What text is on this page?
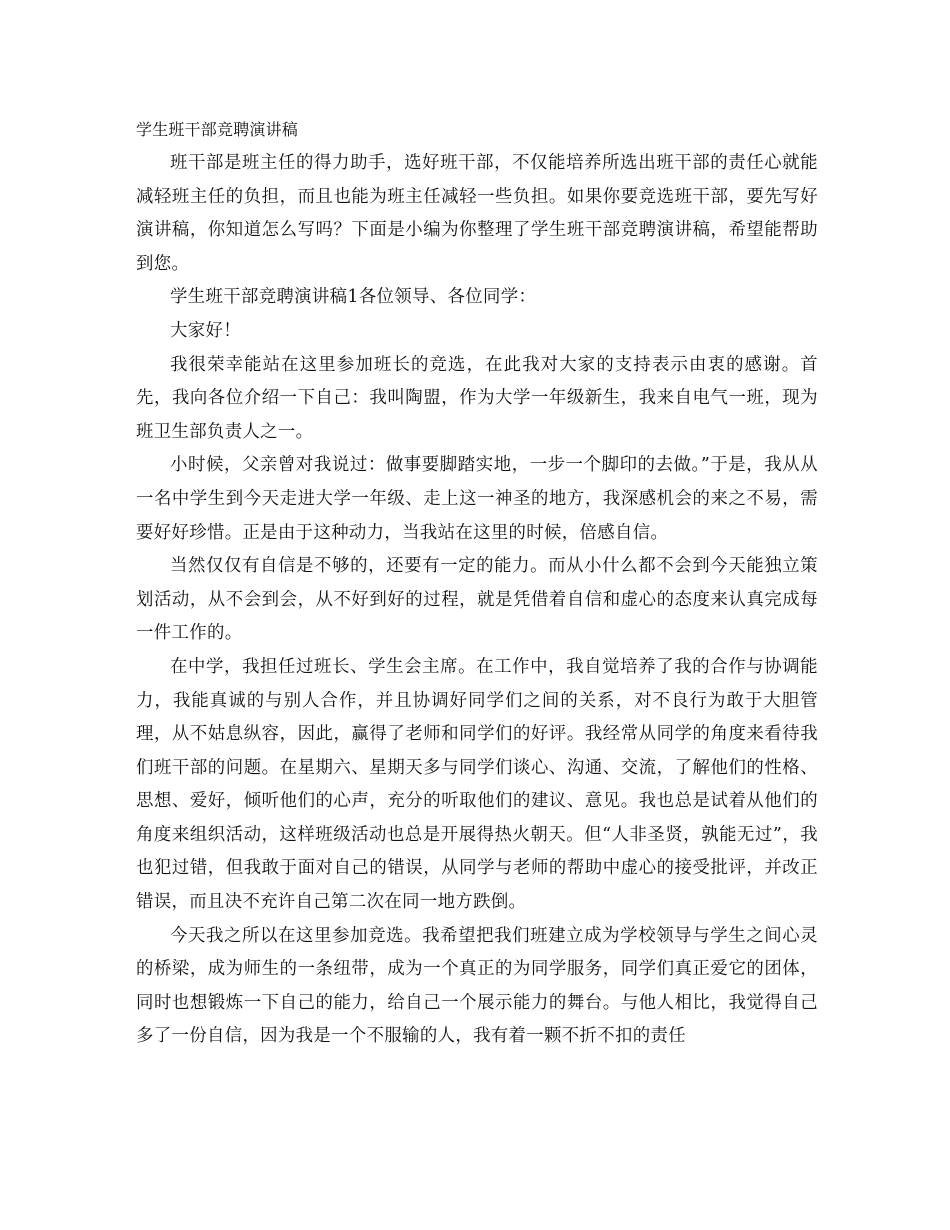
学生班干部竞聘演讲稿

班干部是班主任的得力助手，选好班干部，不仅能培养所选出班干部的责任心就能减轻班主任的负担，而且也能为班主任减轻一些负担。如果你要竞选班干部，要先写好演讲稿，你知道怎么写吗？下面是小编为你整理了学生班干部竞聘演讲稿，希望能帮助到您。

学生班干部竞聘演讲稿1各位领导、各位同学：

大家好！

我很荣幸能站在这里参加班长的竞选，在此我对大家的支持表示由衷的感谢。首先，我向各位介绍一下自己：我叫陶盟，作为大学一年级新生，我来自电气一班，现为班卫生部负责人之一。

小时候，父亲曾对我说过：做事要脚踏实地，一步一个脚印的去做。”于是，我从从一名中学生到今天走进大学一年级、走上这一神圣的地方，我深感机会的来之不易，需要好好珍惜。正是由于这种动力，当我站在这里的时候，倍感自信。

当然仅仅有自信是不够的，还要有一定的能力。而从小什么都不会到今天能独立策划活动，从不会到会，从不好到好的过程，就是凭借着自信和虚心的态度来认真完成每一件工作的。

在中学，我担任过班长、学生会主席。在工作中，我自觉培养了我的合作与协调能力，我能真诚的与别人合作，并且协调好同学们之间的关系，对不良行为敢于大胆管理，从不姑息纵容，因此，赢得了老师和同学们的好评。我经常从同学的角度来看待我们班干部的问题。在星期六、星期天多与同学们谈心、沟通、交流，了解他们的性格、思想、爱好，倾听他们的心声，充分的听取他们的建议、意见。我也总是试着从他们的角度来组织活动，这样班级活动也总是开展得热火朝天。但“人非圣贤，孰能无过”，我也犯过错，但我敢于面对自己的错误，从同学与老师的帮助中虚心的接受批评，并改正错误，而且决不充许自己第二次在同一地方跌倒。

今天我之所以在这里参加竞选。我希望把我们班建立成为学校领导与学生之间心灵的桥梁，成为师生的一条纽带，成为一个真正的为同学服务，同学们真正爱它的团体，同时也想锻炼一下自己的能力，给自己一个展示能力的舞台。与他人相比，我觉得自己多了一份自信，因为我是一个不服输的人，我有着一颗不折不扣的责任
